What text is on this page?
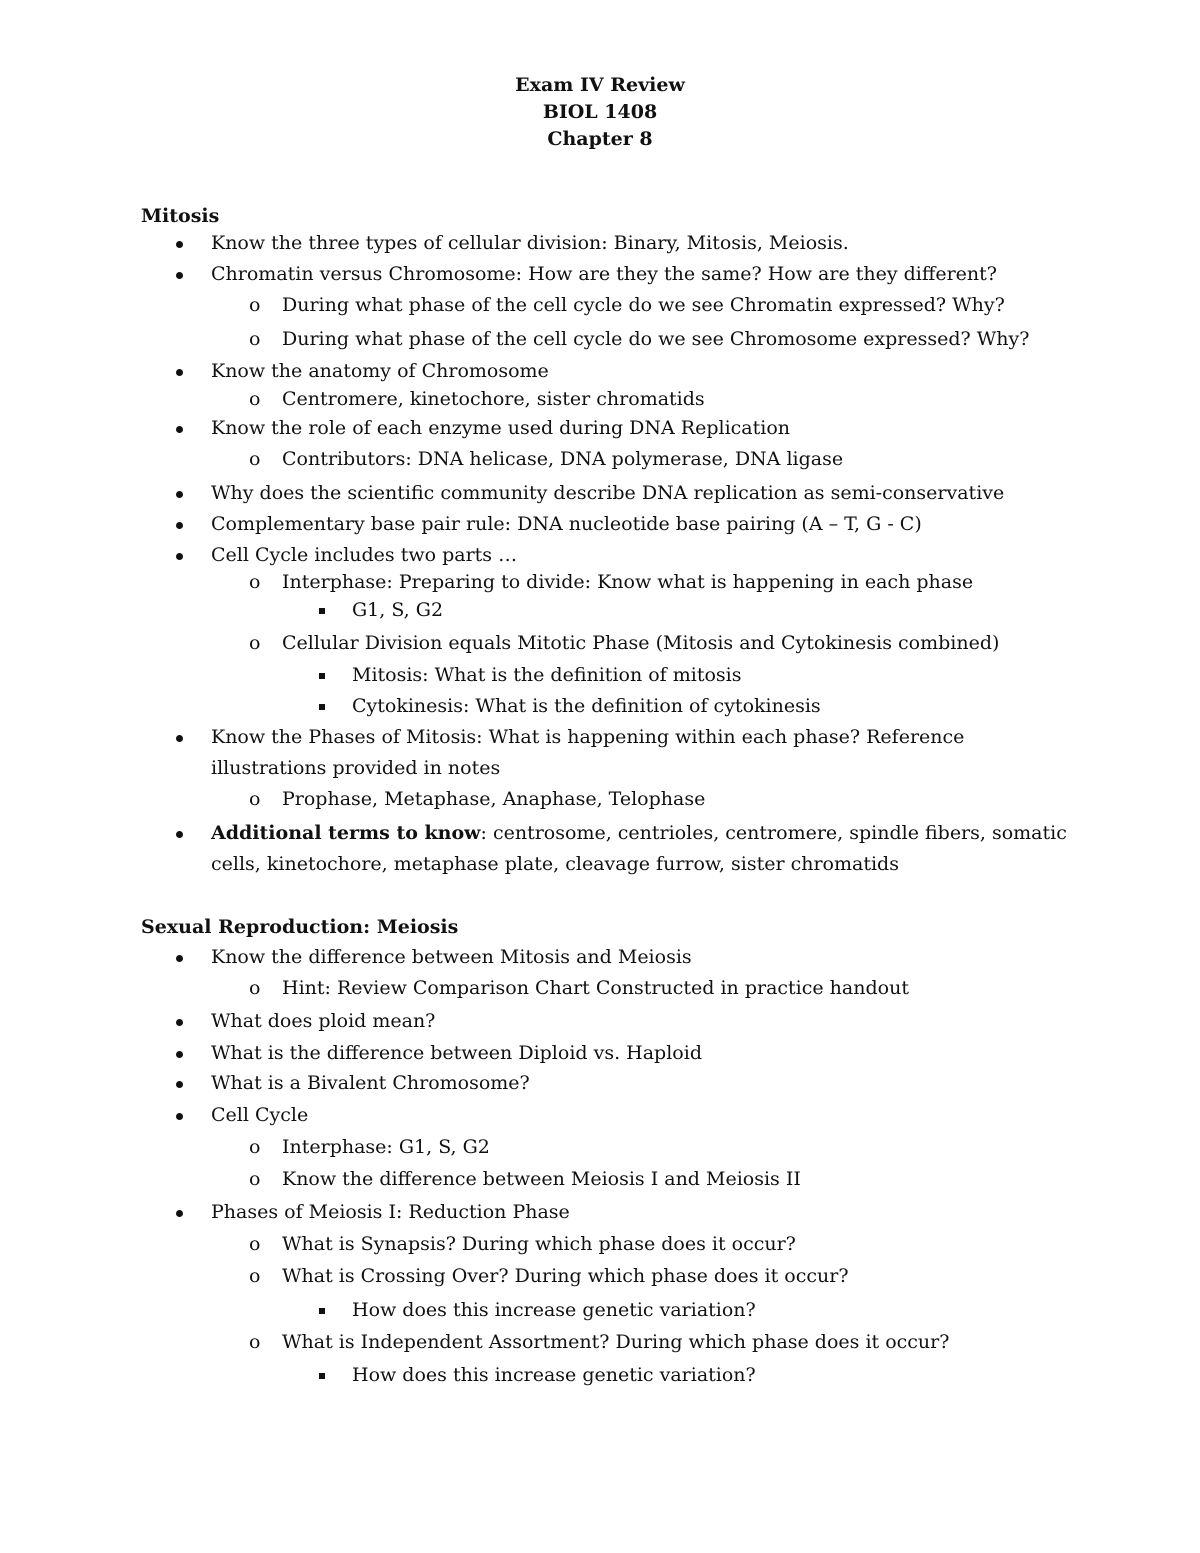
Exam IV Review
BIOL 1408
Chapter 8
Mitosis
Know the three types of cellular division: Binary, Mitosis, Meiosis.
Chromatin versus Chromosome: How are they the same? How are they different?
o During what phase of the cell cycle do we see Chromatin expressed? Why?
o During what phase of the cell cycle do we see Chromosome expressed? Why?
Know the anatomy of Chromosome
o Centromere, kinetochore, sister chromatids
Know the role of each enzyme used during DNA Replication
o Contributors: DNA helicase, DNA polymerase, DNA ligase
Why does the scientific community describe DNA replication as semi-conservative
Complementary base pair rule: DNA nucleotide base pairing (A – T, G - C)
Cell Cycle includes two parts …
o Interphase: Preparing to divide: Know what is happening in each phase
G1, S, G2
o Cellular Division equals Mitotic Phase (Mitosis and Cytokinesis combined)
Mitosis: What is the definition of mitosis
Cytokinesis: What is the definition of cytokinesis
Know the Phases of Mitosis: What is happening within each phase? Reference
illustrations provided in notes
o Prophase, Metaphase, Anaphase, Telophase
Additional terms to know: centrosome, centrioles, centromere, spindle fibers, somatic
cells, kinetochore, metaphase plate, cleavage furrow, sister chromatids
Sexual Reproduction: Meiosis
Know the difference between Mitosis and Meiosis
o Hint: Review Comparison Chart Constructed in practice handout
What does ploid mean?
What is the difference between Diploid vs. Haploid
What is a Bivalent Chromosome?
Cell Cycle
o Interphase: G1, S, G2
o Know the difference between Meiosis I and Meiosis II
Phases of Meiosis I: Reduction Phase
o What is Synapsis? During which phase does it occur?
o What is Crossing Over? During which phase does it occur?
How does this increase genetic variation?
o What is Independent Assortment? During which phase does it occur?
How does this increase genetic variation?
